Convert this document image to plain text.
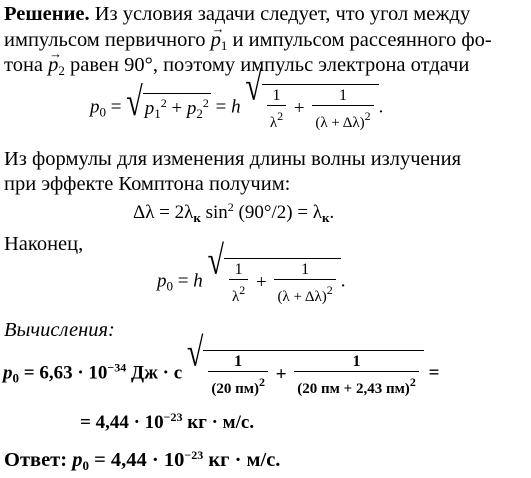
Решение. Из условия задачи следует, что угол между
импульсом первичного → $p_1$ и импульсом рассеянного фо-
тона → $p_2$ равен 90°, поэтому импульс электрона отдачи
$p_0$ = √ $p_1^2 + p_2^2 = h$ √
$\frac{1}{\lambda^2} + \frac{1}{(\lambda + \Delta\lambda)^2}$ .
Из формулы для изменения длины волны излучения
при эффекте Комптона получим:
$\Delta\lambda = 2\lambda_к$ $\sin^2 (90^\circ/2) = \lambda_к$.
Наконец,
$p_0 = h$ √
$\frac{1}{\lambda^2} + \frac{1}{(\lambda + \Delta\lambda)^2}$ .
Вычисления:
$p_0 = 6,63 \cdot 10^{-34}$ Дж · с √
$\frac{1}{(20 пм)^2} + \frac{1}{(20 пм + 2,43 пм)^2}$ =
= $4,44 \cdot 10^{-23}$ кг · м/с.
Ответ: $p_0 = 4,44 \cdot 10^{-23}$ кг · м/с.
